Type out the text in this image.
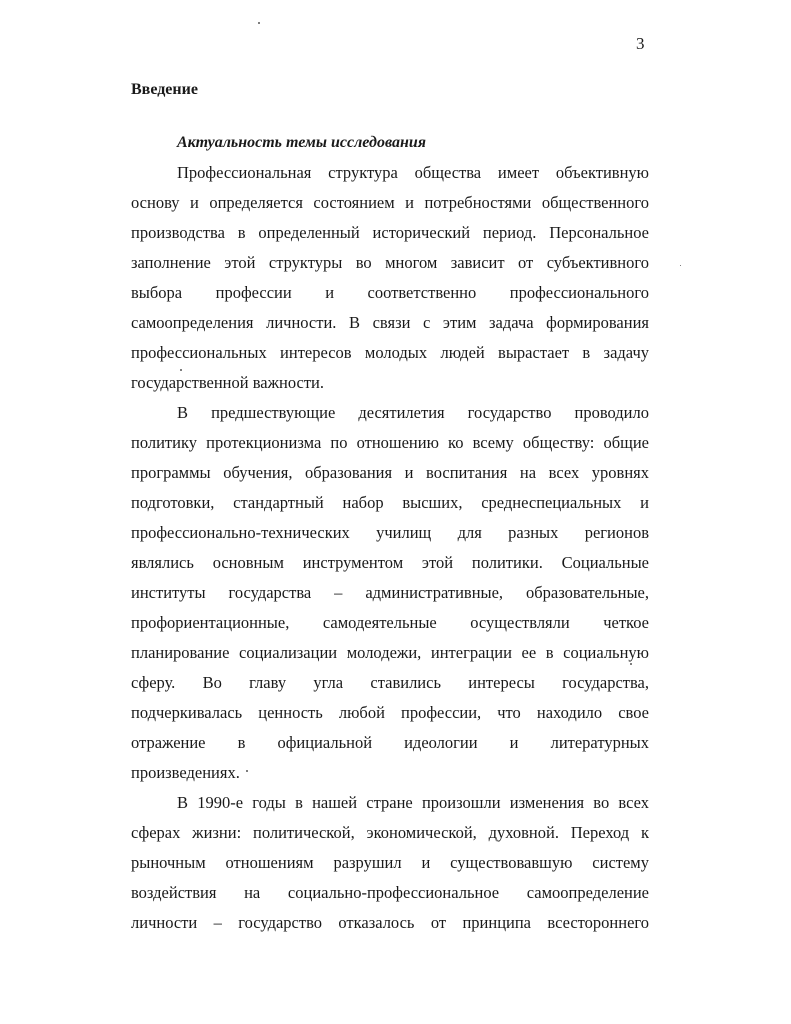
3
Введение
Актуальность темы исследования
Профессиональная структура общества имеет объективную
основу и определяется состоянием и потребностями общественного
производства в определенный исторический период. Персональное
заполнение этой структуры во многом зависит от субъективного
выбора профессии и соответственно профессионального
самоопределения личности. В связи с этим задача формирования
профессиональных интересов молодых людей вырастает в задачу
государственной важности.
В предшествующие десятилетия государство проводило
политику протекционизма по отношению ко всему обществу: общие
программы обучения, образования и воспитания на всех уровнях
подготовки, стандартный набор высших, среднеспециальных и
профессионально-технических училищ для разных регионов
являлись основным инструментом этой политики. Социальные
институты государства – административные, образовательные,
профориентационные, самодеятельные осуществляли четкое
планирование социализации молодежи, интеграции ее в социальную
сферу. Во главу угла ставились интересы государства,
подчеркивалась ценность любой профессии, что находило свое
отражение в официальной идеологии и литературных
произведениях.
В 1990-е годы в нашей стране произошли изменения во всех
сферах жизни: политической, экономической, духовной. Переход к
рыночным отношениям разрушил и существовавшую систему
воздействия на социально-профессиональное самоопределение
личности – государство отказалось от принципа всестороннего
